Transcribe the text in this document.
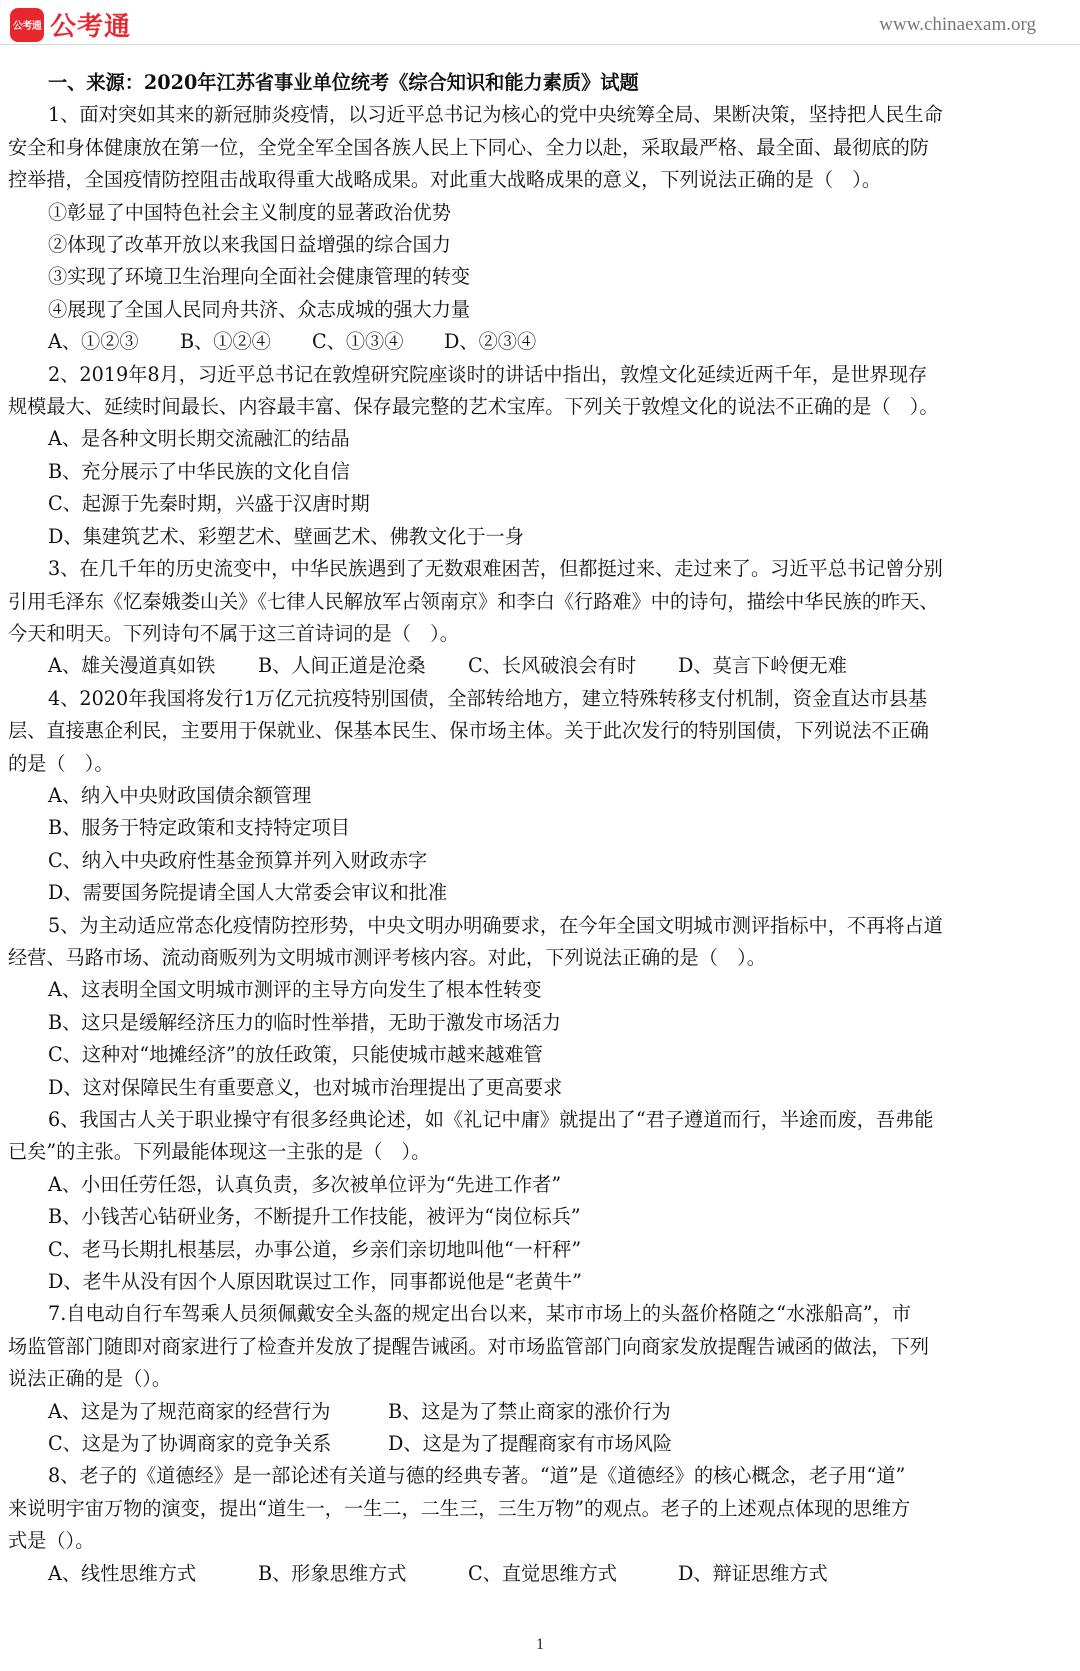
公考通 公考通	www.chinaexam.org
一、来源：2020年江苏省事业单位统考《综合知识和能力素质》试题
1、面对突如其来的新冠肺炎疫情，以习近平总书记为核心的党中央统筹全局、果断决策，坚持把人民生命
安全和身体健康放在第一位，全党全军全国各族人民上下同心、全力以赴，采取最严格、最全面、最彻底的防
控举措，全国疫情防控阻击战取得重大战略成果。对此重大战略成果的意义，下列说法正确的是（　）。
①彰显了中国特色社会主义制度的显著政治优势
②体现了改革开放以来我国日益增强的综合国力
③实现了环境卫生治理向全面社会健康管理的转变
④展现了全国人民同舟共济、众志成城的强大力量
A、①②③	B、①②④	C、①③④	D、②③④
2、2019年8月，习近平总书记在敦煌研究院座谈时的讲话中指出，敦煌文化延续近两千年，是世界现存
规模最大、延续时间最长、内容最丰富、保存最完整的艺术宝库。下列关于敦煌文化的说法不正确的是（　）。
A、是各种文明长期交流融汇的结晶
B、充分展示了中华民族的文化自信
C、起源于先秦时期，兴盛于汉唐时期
D、集建筑艺术、彩塑艺术、壁画艺术、佛教文化于一身
3、在几千年的历史流变中，中华民族遇到了无数艰难困苦，但都挺过来、走过来了。习近平总书记曾分别
引用毛泽东《忆秦娥娄山关》《七律人民解放军占领南京》和李白《行路难》中的诗句，描绘中华民族的昨天、
今天和明天。下列诗句不属于这三首诗词的是（　）。
A、雄关漫道真如铁	B、人间正道是沧桑	C、长风破浪会有时	D、莫言下岭便无难
4、2020年我国将发行1万亿元抗疫特别国债，全部转给地方，建立特殊转移支付机制，资金直达市县基
层、直接惠企利民，主要用于保就业、保基本民生、保市场主体。关于此次发行的特别国债，下列说法不正确
的是（　）。
A、纳入中央财政国债余额管理
B、服务于特定政策和支持特定项目
C、纳入中央政府性基金预算并列入财政赤字
D、需要国务院提请全国人大常委会审议和批准
5、为主动适应常态化疫情防控形势，中央文明办明确要求，在今年全国文明城市测评指标中，不再将占道
经营、马路市场、流动商贩列为文明城市测评考核内容。对此，下列说法正确的是（　）。
A、这表明全国文明城市测评的主导方向发生了根本性转变
B、这只是缓解经济压力的临时性举措，无助于激发市场活力
C、这种对“地摊经济”的放任政策，只能使城市越来越难管
D、这对保障民生有重要意义，也对城市治理提出了更高要求
6、我国古人关于职业操守有很多经典论述，如《礼记中庸》就提出了“君子遵道而行，半途而废，吾弗能
已矣”的主张。下列最能体现这一主张的是（　）。
A、小田任劳任怨，认真负责，多次被单位评为“先进工作者”
B、小钱苦心钻研业务，不断提升工作技能，被评为“岗位标兵”
C、老马长期扎根基层，办事公道，乡亲们亲切地叫他“一杆秤”
D、老牛从没有因个人原因耽误过工作，同事都说他是“老黄牛”
7.自电动自行车驾乘人员须佩戴安全头盔的规定出台以来，某市市场上的头盔价格随之“水涨船高”，市
场监管部门随即对商家进行了检查并发放了提醒告诫函。对市场监管部门向商家发放提醒告诫函的做法，下列
说法正确的是（）。
A、这是为了规范商家的经营行为	B、这是为了禁止商家的涨价行为
C、这是为了协调商家的竞争关系	D、这是为了提醒商家有市场风险
8、老子的《道德经》是一部论述有关道与德的经典专著。“道”是《道德经》的核心概念，老子用“道”
来说明宇宙万物的演变，提出“道生一，一生二，二生三，三生万物”的观点。老子的上述观点体现的思维方
式是（）。
A、线性思维方式	B、形象思维方式	C、直觉思维方式	D、辩证思维方式
1
